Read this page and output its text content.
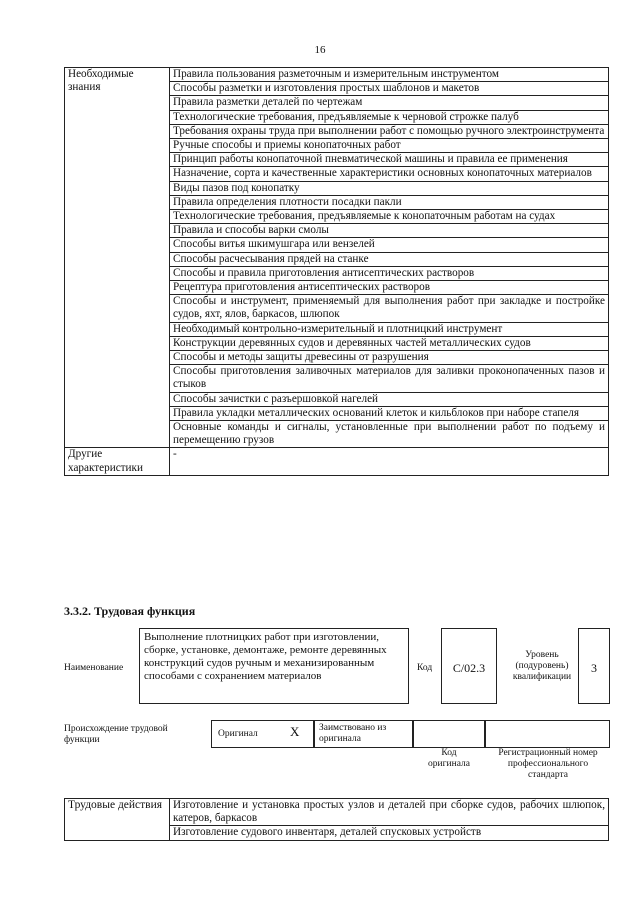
16
Необходимые знания	Правила пользования разметочным и измерительным инструментом
	Способы разметки и изготовления простых шаблонов и макетов
	Правила разметки деталей по чертежам
	Технологические требования, предъявляемые к черновой строжке палуб
	Требования охраны труда при выполнении работ с помощью ручного электроинструмента
	Ручные способы и приемы конопаточных работ
	Принцип работы конопаточной пневматической машины и правила ее применения
	Назначение, сорта и качественные характеристики основных конопаточных материалов
	Виды пазов под конопатку
	Правила определения плотности посадки пакли
	Технологические требования, предъявляемые к конопаточным работам на судах
	Правила и способы варки смолы
	Способы витья шкимушгара или вензелей
	Способы расчесывания прядей на станке
	Способы и правила приготовления антисептических растворов
	Рецептура приготовления антисептических растворов
	Способы и инструмент, применяемый для выполнения работ при закладке и постройке судов, яхт, ялов, баркасов, шлюпок
	Необходимый контрольно-измерительный и плотницкий инструмент
	Конструкции деревянных судов и деревянных частей металлических судов
	Способы и методы защиты древесины от разрушения
	Способы приготовления заливочных материалов для заливки проконопаченных пазов и стыков
	Способы зачистки с разъершовкой нагелей
	Правила укладки металлических оснований клеток и кильблоков при наборе стапеля
	Основные команды и сигналы, установленные при выполнении работ по подъему и перемещению грузов
Другие характеристики	-
3.3.2. Трудовая функция
Наименование
Выполнение плотницких работ при изготовлении, сборке, установке, демонтаже, ремонте деревянных конструкций судов ручным и механизированным способами с сохранением материалов
Код	C/02.3
Уровень (подуровень) квалификации
3
Происхождение трудовой функции
Оригинал X Заимствовано из оригинала
Код оригинала
Регистрационный номер профессионального стандарта
Трудовые действия	Изготовление и установка простых узлов и деталей при сборке судов, рабочих шлюпок, катеров, баркасов
Изготовление судового инвентаря, деталей спусковых устройств
